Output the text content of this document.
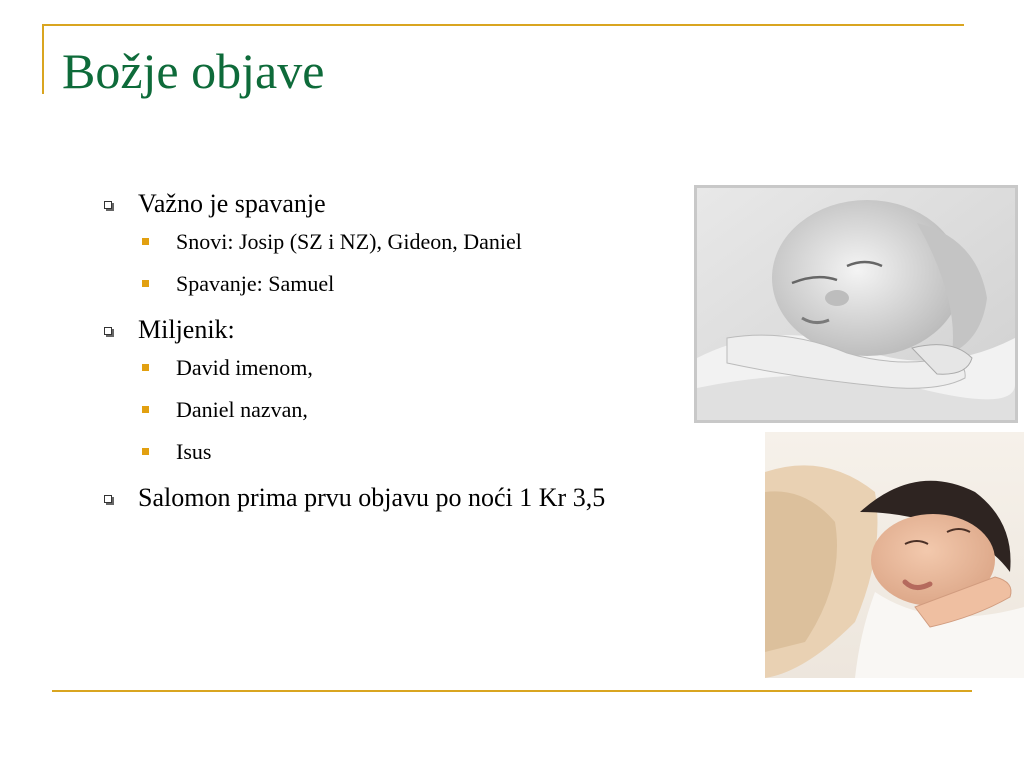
Božje objave
Važno je spavanje
Snovi: Josip (SZ i NZ), Gideon, Daniel
Spavanje: Samuel
Miljenik:
David imenom,
Daniel nazvan,
Isus
Salomon prima prvu objavu po noći 1 Kr 3,5
